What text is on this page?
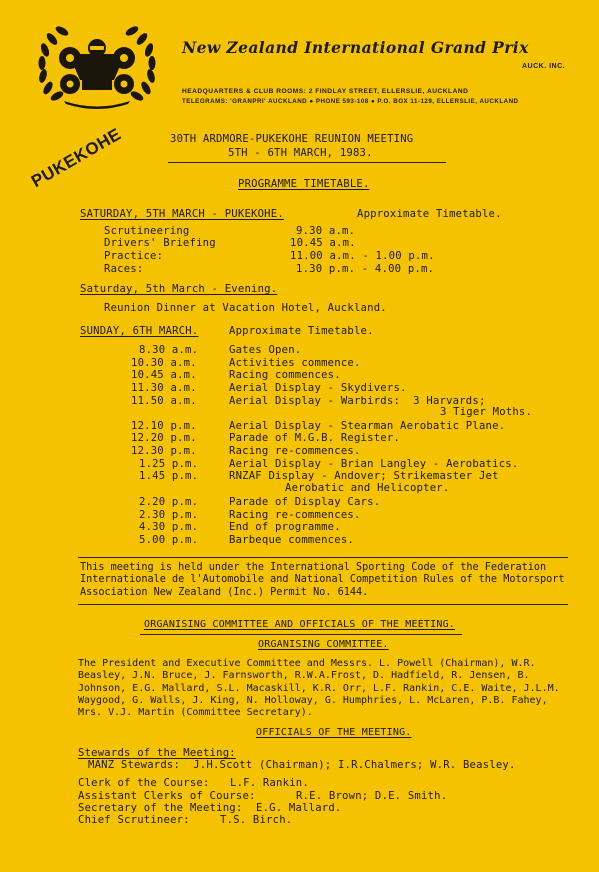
New Zealand International Grand Prix
AUCK. INC.
HEADQUARTERS & CLUB ROOMS: 2 FINDLAY STREET, ELLERSLIE, AUCKLAND
TELEGRAMS: 'GRANPRI' AUCKLAND ● PHONE 593-108 ● P.O. BOX 11-129, ELLERSLIE, AUCKLAND
PUKEKOHE	30TH ARDMORE-PUKEKOHE REUNION MEETING
5TH - 6TH MARCH, 1983.
PROGRAMME TIMETABLE.
SATURDAY, 5TH MARCH - PUKEKOHE.	Approximate Timetable.
Scrutineering	9.30 a.m.
Drivers' Briefing	10.45 a.m.
Practice:	11.00 a.m. - 1.00 p.m.
Races:	1.30 p.m. - 4.00 p.m.
Saturday, 5th March - Evening.
Reunion Dinner at Vacation Hotel, Auckland.
SUNDAY, 6TH MARCH.	Approximate Timetable.
8.30 a.m.	Gates Open.
10.30 a.m.	Activities commence.
10.45 a.m.	Racing commences.
11.30 a.m.	Aerial Display - Skydivers.
11.50 a.m.	Aerial Display - Warbirds:  3 Harvards;
3 Tiger Moths.
12.10 p.m.	Aerial Display - Stearman Aerobatic Plane.
12.20 p.m.	Parade of M.G.B. Register.
12.30 p.m.	Racing re-commences.
1.25 p.m.	Aerial Display - Brian Langley - Aerobatics.
1.45 p.m.	RNZAF Display - Andover; Strikemaster Jet
Aerobatic and Helicopter.
2.20 p.m.	Parade of Display Cars.
2.30 p.m.	Racing re-commences.
4.30 p.m.	End of programme.
5.00 p.m.	Barbeque commences.
This meeting is held under the International Sporting Code of the Federation Internationale de l'Automobile and National Competition Rules of the Motorsport Association New Zealand (Inc.) Permit No. 6144.
ORGANISING COMMITTEE AND OFFICIALS OF THE MEETING.
ORGANISING COMMITTEE.
The President and Executive Committee and Messrs. L. Powell (Chairman), W.R. Beasley, J.N. Bruce, J. Farnsworth, R.W.A.Frost, D. Hadfield, R. Jensen, B. Johnson, E.G. Mallard, S.L. Macaskill, K.R. Orr, L.F. Rankin, C.E. Waite, J.L.M. Waygood, G. Walls, J. King, N. Holloway, G. Humphries, L. McLaren, P.B. Fahey, Mrs. V.J. Martin (Committee Secretary).
OFFICIALS OF THE MEETING.
Stewards of the Meeting:
MANZ Stewards:  J.H.Scott (Chairman); I.R.Chalmers; W.R. Beasley.
Clerk of the Course: L.F. Rankin.
Assistant Clerks of Course:	R.E. Brown; D.E. Smith.
Secretary of the Meeting: E.G. Mallard.
Chief Scrutineer:	T.S. Birch.
